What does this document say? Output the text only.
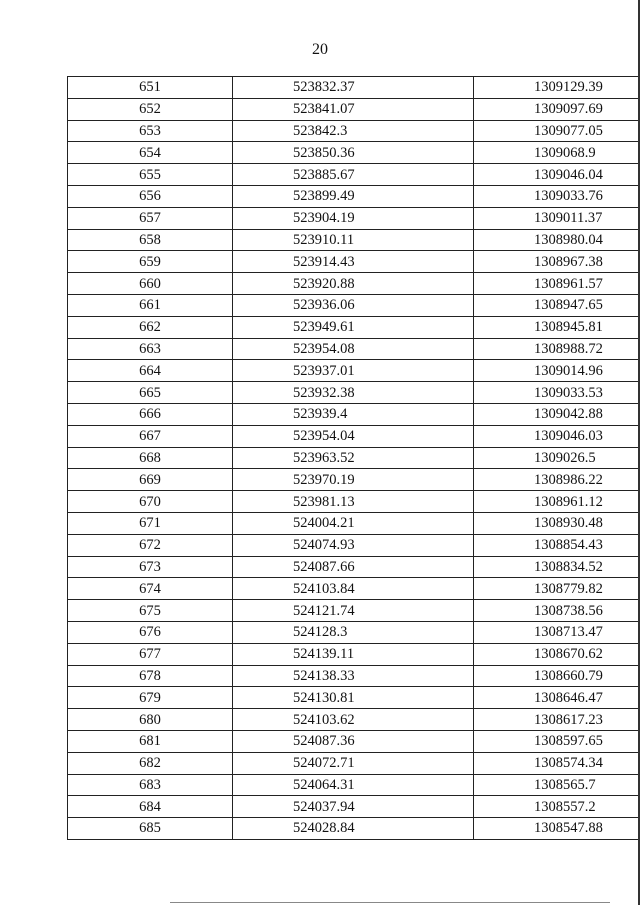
20
651	523832.37	1309129.39
652	523841.07	1309097.69
653	523842.3	1309077.05
654	523850.36	1309068.9
655	523885.67	1309046.04
656	523899.49	1309033.76
657	523904.19	1309011.37
658	523910.11	1308980.04
659	523914.43	1308967.38
660	523920.88	1308961.57
661	523936.06	1308947.65
662	523949.61	1308945.81
663	523954.08	1308988.72
664	523937.01	1309014.96
665	523932.38	1309033.53
666	523939.4	1309042.88
667	523954.04	1309046.03
668	523963.52	1309026.5
669	523970.19	1308986.22
670	523981.13	1308961.12
671	524004.21	1308930.48
672	524074.93	1308854.43
673	524087.66	1308834.52
674	524103.84	1308779.82
675	524121.74	1308738.56
676	524128.3	1308713.47
677	524139.11	1308670.62
678	524138.33	1308660.79
679	524130.81	1308646.47
680	524103.62	1308617.23
681	524087.36	1308597.65
682	524072.71	1308574.34
683	524064.31	1308565.7
684	524037.94	1308557.2
685	524028.84	1308547.88
